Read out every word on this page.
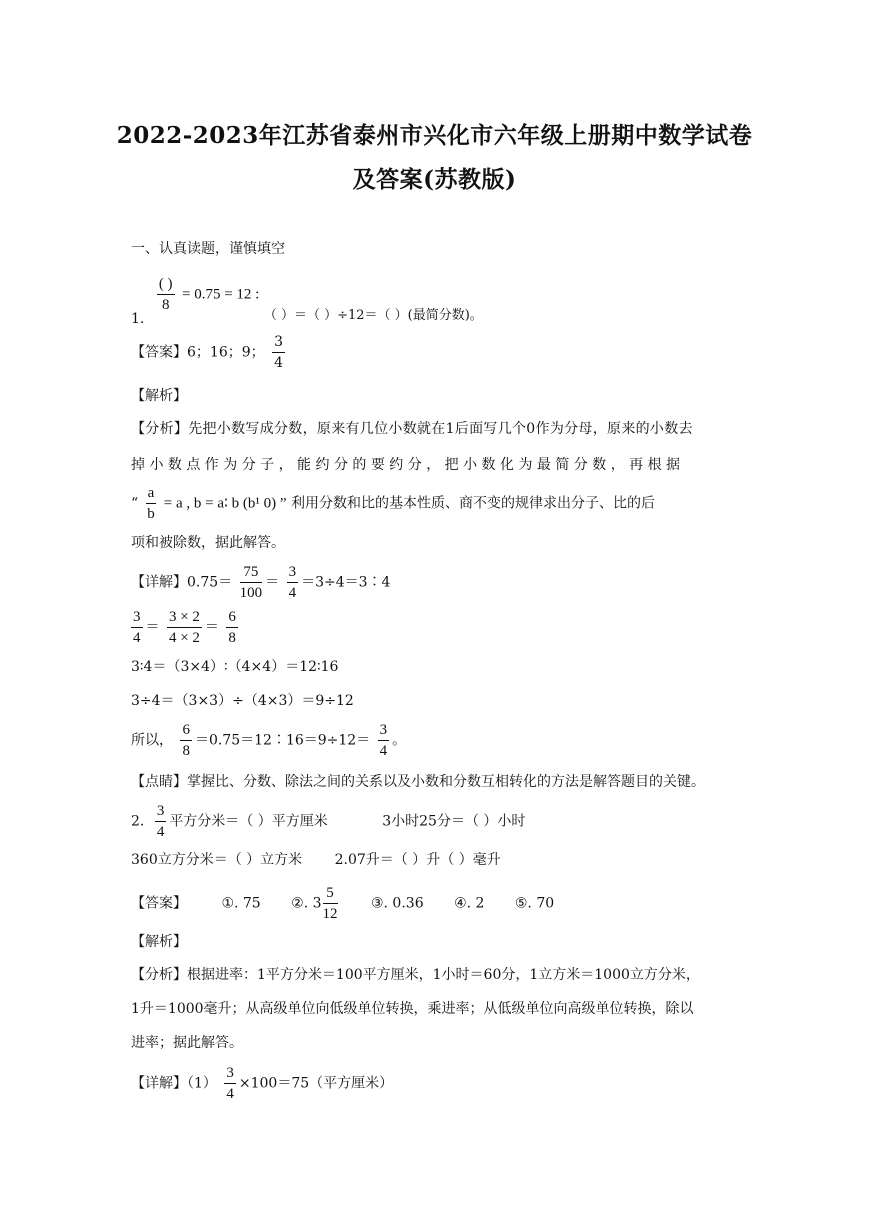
2022-2023年江苏省泰州市兴化市六年级上册期中数学试卷
及答案(苏教版)
一、认真读题，谨慎填空
1.
$\frac{( )}{8} = 0.75 = 12$ : （ ）＝（ ）÷12＝（ ）(最简分数)。
【答案】6；16；9； $\frac{3}{4}$
【解析】
【分析】先把小数写成分数，原来有几位小数就在1后面写几个0作为分母，原来的小数去
掉 小 数 点 作 为 分 子 ， 能 约 分 的 要 约 分 ， 把 小 数 化 为 最 简 分 数 ， 再 根 据
“ $\frac{a}{b} = a$ , b = a∶ b (b¹ 0) ” 利用分数和比的基本性质、商不变的规律求出分子、比的后
项和被除数，据此解答。
【详解】$0.75= \frac{75}{100} = \frac{3}{4}$ ＝3÷4＝3∶4
$\frac{3}{4} = \frac{3 \times 2}{4 \times 2} = \frac{6}{8}$
3∶4＝（3×4）∶（4×4）＝12∶16
3÷4＝（3×3）÷（4×3）＝9÷12
所以， $\frac{6}{8}$ ＝0.75＝12∶16＝9÷12＝ $\frac{3}{4}$ 。
【点睛】掌握比、分数、除法之间的关系以及小数和分数互相转化的方法是解答题目的关键。
2. $\frac{3}{4}$ 平方分米＝（ ）平方厘米	3小时25分＝（ ）小时
360立方分米＝（ ）立方米 2.07升＝（ ）升（ ）毫升
【答案】 ①. 75 ②. $3 \frac{5}{12}$ ③. 0.36 ④. 2 ⑤. 70
【解析】
【分析】根据进率：1平方分米＝100平方厘米，1小时＝60分，1立方米＝1000立方分米，
1升＝1000毫升；从高级单位向低级单位转换，乘进率；从低级单位向高级单位转换，除以
进率；据此解答。
【详解】$(1) \frac{3}{4} \times 100=75$（平方厘米）
